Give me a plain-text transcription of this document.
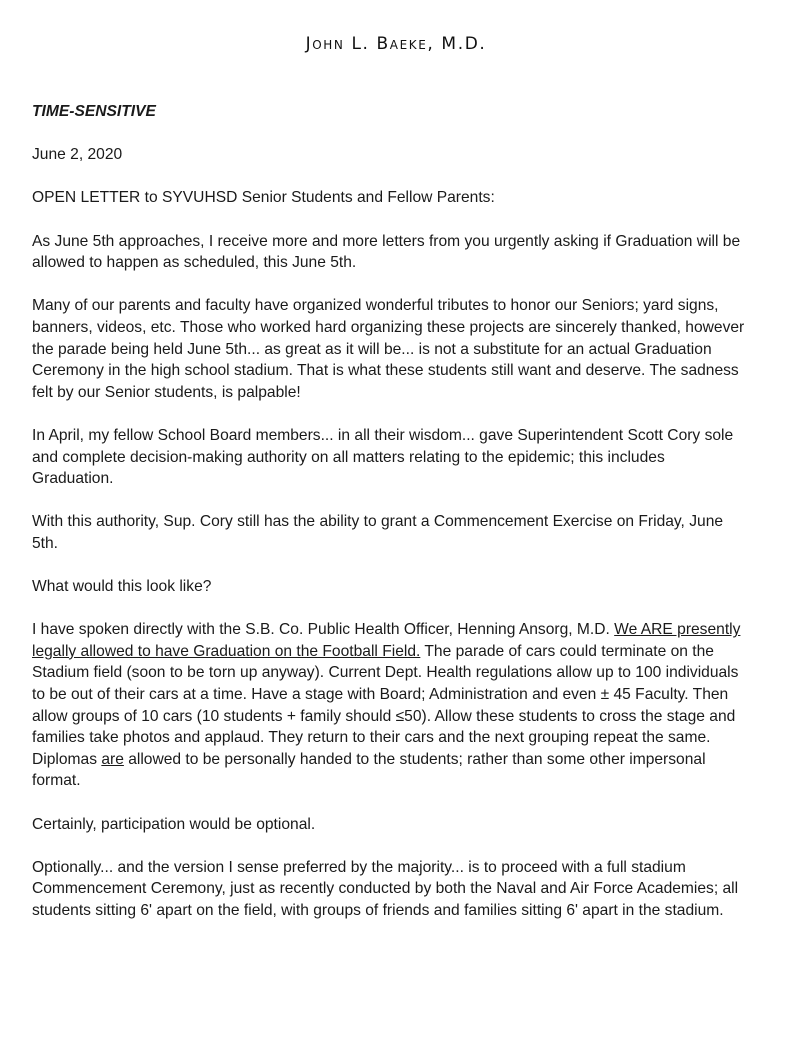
John L. Baeke, M.D.

TIME-SENSITIVE

June 2, 2020

OPEN LETTER to SYVUHSD Senior Students and Fellow Parents:

As June 5th approaches, I receive more and more letters from you urgently asking if Graduation will be allowed to happen as scheduled, this June 5th.

Many of our parents and faculty have organized wonderful tributes to honor our Seniors; yard signs, banners, videos, etc. Those who worked hard organizing these projects are sincerely thanked, however the parade being held June 5th... as great as it will be... is not a substitute for an actual Graduation Ceremony in the high school stadium. That is what these students still want and deserve. The sadness felt by our Senior students, is palpable!

In April, my fellow School Board members... in all their wisdom... gave Superintendent Scott Cory sole and complete decision-making authority on all matters relating to the epidemic; this includes Graduation.

With this authority, Sup. Cory still has the ability to grant a Commencement Exercise on Friday, June 5th.

What would this look like?

I have spoken directly with the S.B. Co. Public Health Officer, Henning Ansorg, M.D. We ARE presently legally allowed to have Graduation on the Football Field. The parade of cars could terminate on the Stadium field (soon to be torn up anyway). Current Dept. Health regulations allow up to 100 individuals to be out of their cars at a time. Have a stage with Board; Administration and even ± 45 Faculty. Then allow groups of 10 cars (10 students + family should ≤50). Allow these students to cross the stage and families take photos and applaud. They return to their cars and the next grouping repeat the same. Diplomas are allowed to be personally handed to the students; rather than some other impersonal format.

Certainly, participation would be optional.

Optionally... and the version I sense preferred by the majority... is to proceed with a full stadium Commencement Ceremony, just as recently conducted by both the Naval and Air Force Academies; all students sitting 6' apart on the field, with groups of friends and families sitting 6' apart in the stadium.
